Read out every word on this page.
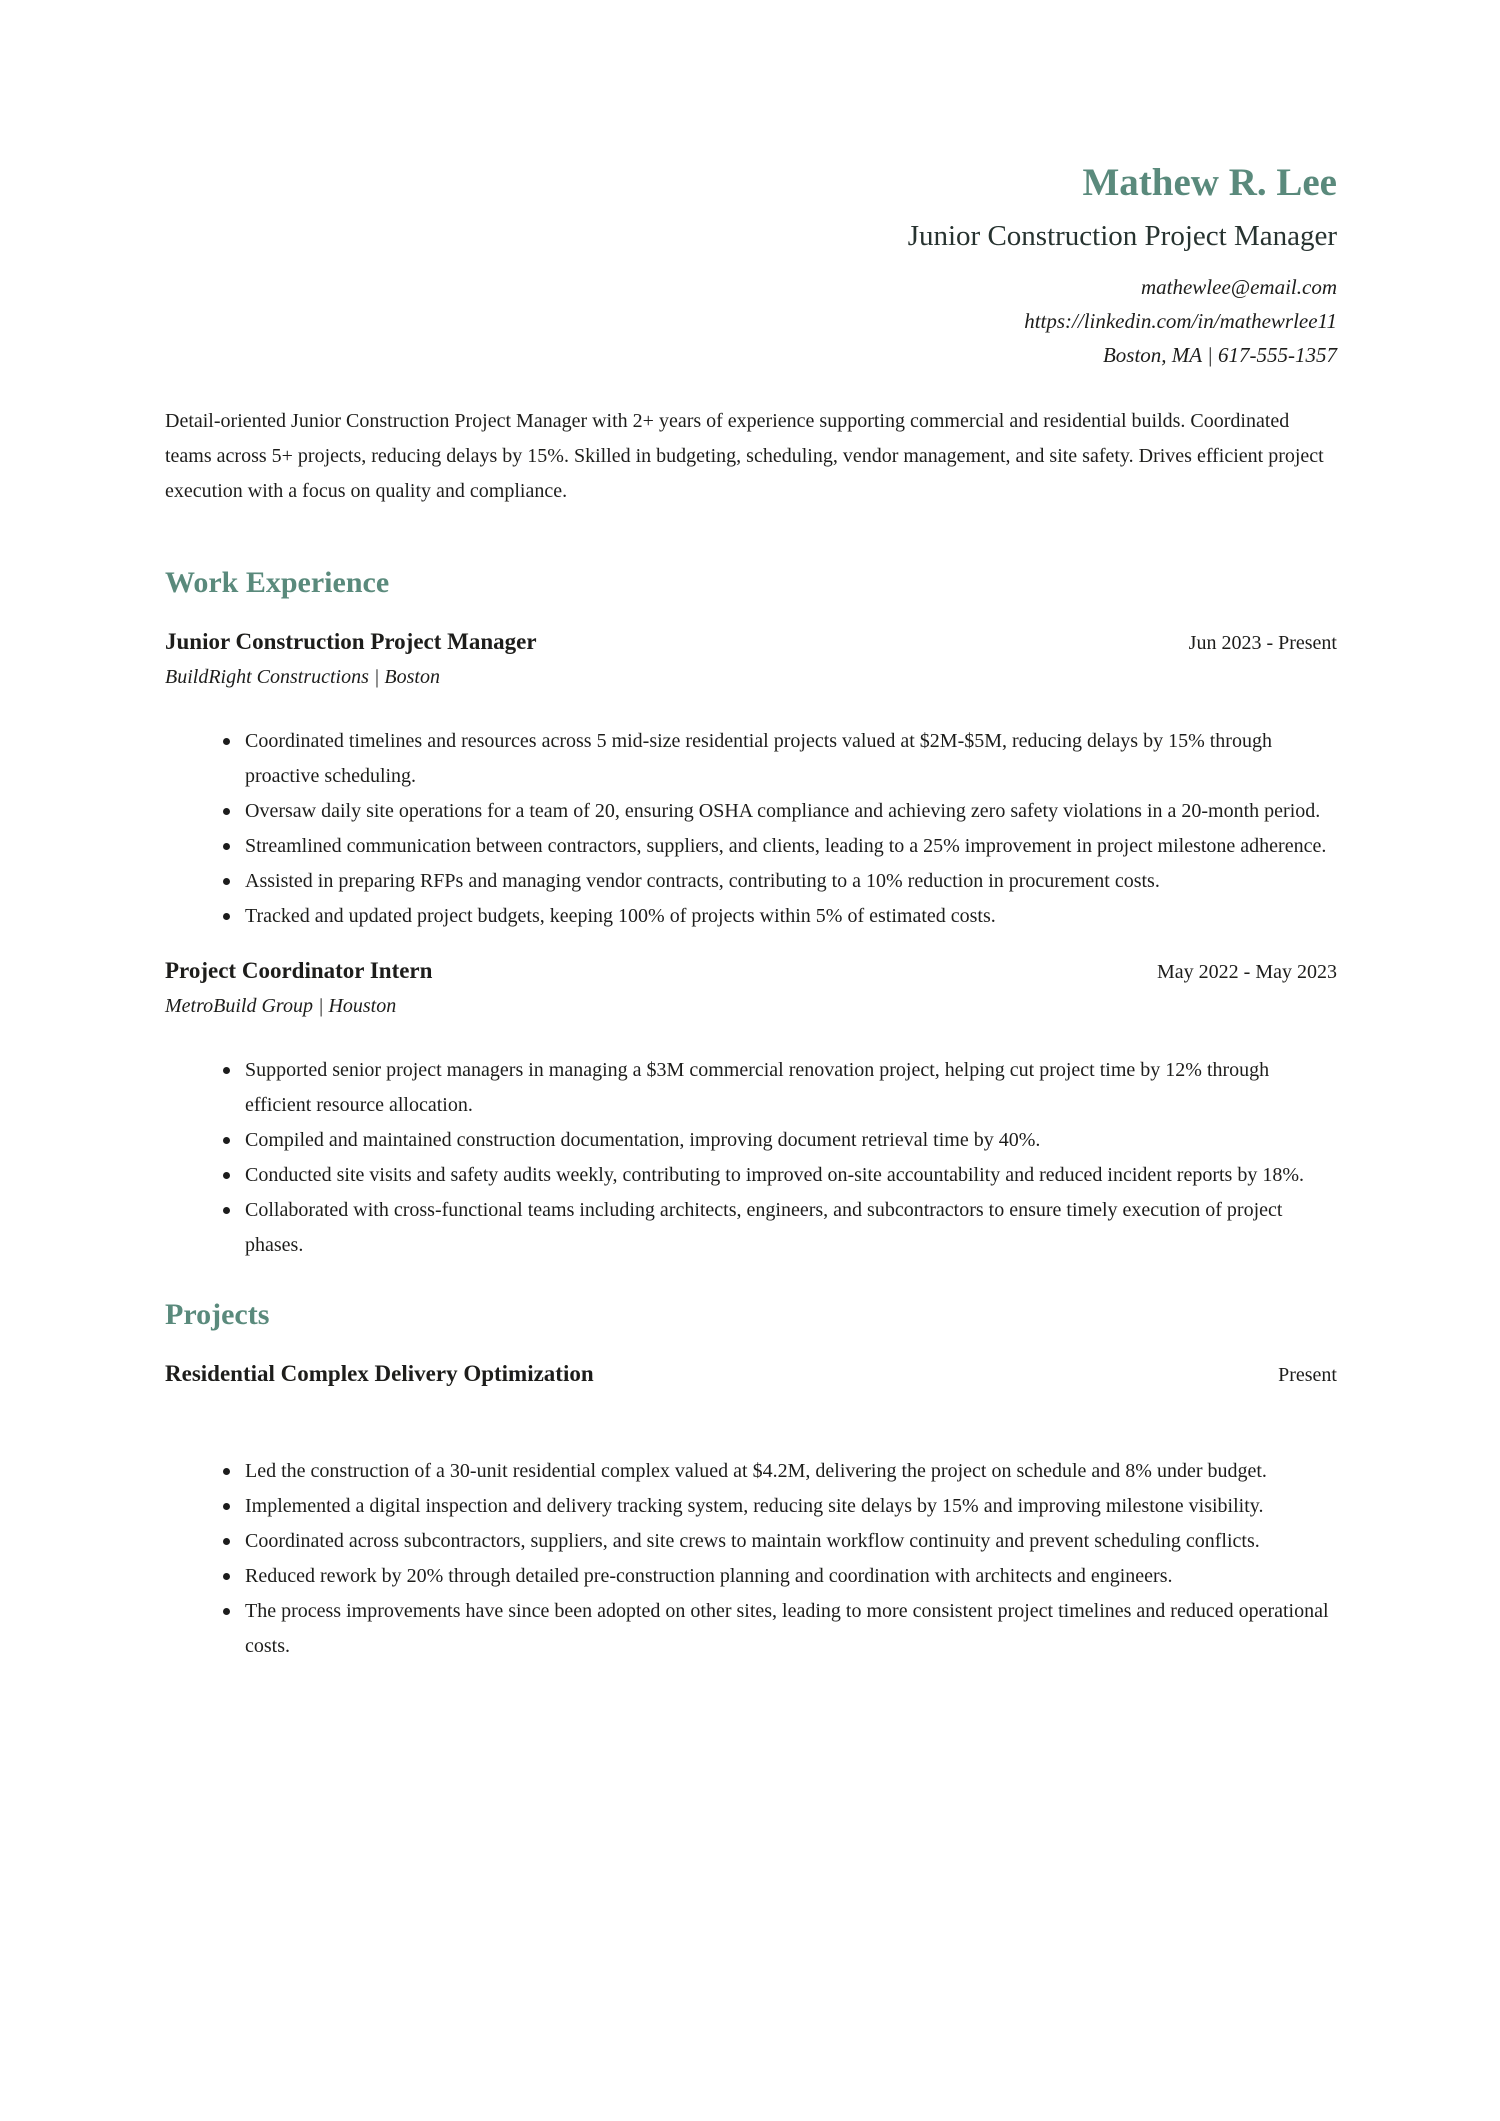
Mathew R. Lee
Junior Construction Project Manager
mathewlee@email.com
https://linkedin.com/in/mathewrlee11
Boston, MA | 617-555-1357

Detail-oriented Junior Construction Project Manager with 2+ years of experience supporting commercial and residential builds. Coordinated teams across 5+ projects, reducing delays by 15%. Skilled in budgeting, scheduling, vendor management, and site safety. Drives efficient project execution with a focus on quality and compliance.

Work Experience
Junior Construction Project Manager	Jun 2023 - Present
BuildRight Constructions | Boston
Coordinated timelines and resources across 5 mid-size residential projects valued at $2M-$5M, reducing delays by 15% through proactive scheduling.
Oversaw daily site operations for a team of 20, ensuring OSHA compliance and achieving zero safety violations in a 20-month period.
Streamlined communication between contractors, suppliers, and clients, leading to a 25% improvement in project milestone adherence.
Assisted in preparing RFPs and managing vendor contracts, contributing to a 10% reduction in procurement costs.
Tracked and updated project budgets, keeping 100% of projects within 5% of estimated costs.
Project Coordinator Intern	May 2022 - May 2023
MetroBuild Group | Houston
Supported senior project managers in managing a $3M commercial renovation project, helping cut project time by 12% through efficient resource allocation.
Compiled and maintained construction documentation, improving document retrieval time by 40%.
Conducted site visits and safety audits weekly, contributing to improved on-site accountability and reduced incident reports by 18%.
Collaborated with cross-functional teams including architects, engineers, and subcontractors to ensure timely execution of project phases.
Projects
Residential Complex Delivery Optimization	Present
Led the construction of a 30-unit residential complex valued at $4.2M, delivering the project on schedule and 8% under budget.
Implemented a digital inspection and delivery tracking system, reducing site delays by 15% and improving milestone visibility.
Coordinated across subcontractors, suppliers, and site crews to maintain workflow continuity and prevent scheduling conflicts.
Reduced rework by 20% through detailed pre-construction planning and coordination with architects and engineers.
The process improvements have since been adopted on other sites, leading to more consistent project timelines and reduced operational costs.
